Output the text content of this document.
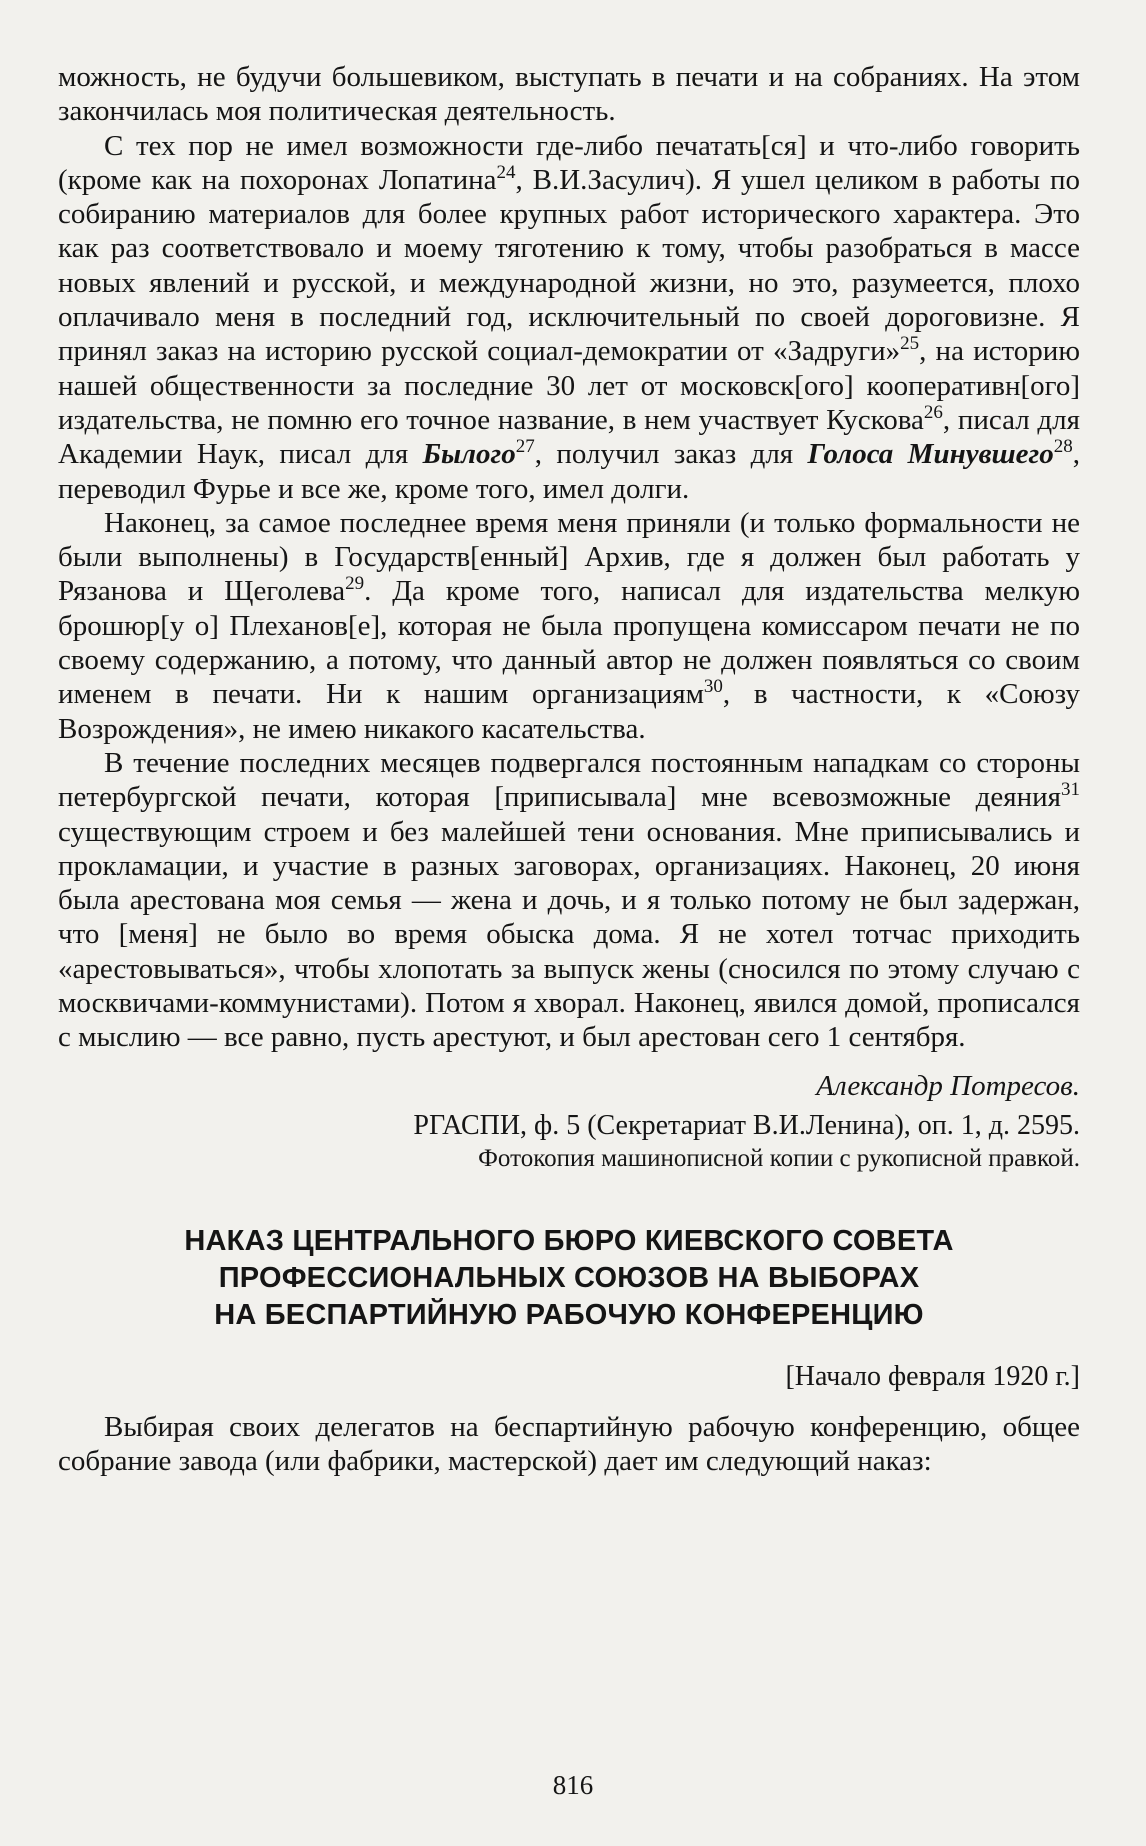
можность, не будучи большевиком, выступать в печати и на собраниях. На этом закончилась моя политическая деятельность.

С тех пор не имел возможности где-либо печатать[ся] и что-либо говорить (кроме как на похоронах Лопатина$^{24}$, В.И.Засулич). Я ушел целиком в работы по собиранию материалов для более крупных работ исторического характера. Это как раз соответствовало и моему тяготению к тому, чтобы разобраться в массе новых явлений и русской, и международной жизни, но это, разумеется, плохо оплачивало меня в последний год, исключительный по своей дороговизне. Я принял заказ на историю русской социал-демократии от «Задруги»$^{25}$, на историю нашей общественности за последние 30 лет от московск[ого] кооперативн[ого] издательства, не помню его точное название, в нем участвует Кускова$^{26}$, писал для Академии Наук, писал для Былого$^{27}$, получил заказ для Голоса Минувшего$^{28}$, переводил Фурье и все же, кроме того, имел долги.

Наконец, за самое последнее время меня приняли (и только формальности не были выполнены) в Государств[енный] Архив, где я должен был работать у Рязанова и Щеголева$^{29}$. Да кроме того, написал для издательства мелкую брошюр[у о] Плеханов[е], которая не была пропущена комиссаром печати не по своему содержанию, а потому, что данный автор не должен появляться со своим именем в печати. Ни к нашим организациям$^{30}$, в частности, к «Союзу Возрождения», не имею никакого касательства.

В течение последних месяцев подвергался постоянным нападкам со стороны петербургской печати, которая [приписывала] мне всевозможные деяния$^{31}$ существующим строем и без малейшей тени основания. Мне приписывались и прокламации, и участие в разных заговорах, организациях. Наконец, 20 июня была арестована моя семья — жена и дочь, и я только потому не был задержан, что [меня] не было во время обыска дома. Я не хотел тотчас приходить «арестовываться», чтобы хлопотать за выпуск жены (сносился по этому случаю с москвичами-коммунистами). Потом я хворал. Наконец, явился домой, прописался с мыслию — все равно, пусть арестуют, и был арестован сего 1 сентября.

Александр Потресов.

РГАСПИ, ф. 5 (Секретариат В.И.Ленина), оп. 1, д. 2595.

Фотокопия машинописной копии с рукописной правкой.

НАКАЗ ЦЕНТРАЛЬНОГО БЮРО КИЕВСКОГО СОВЕТА
ПРОФЕССИОНАЛЬНЫХ СОЮЗОВ НА ВЫБОРАХ
НА БЕСПАРТИЙНУЮ РАБОЧУЮ КОНФЕРЕНЦИЮ

[Начало февраля 1920 г.]

Выбирая своих делегатов на беспартийную рабочую конференцию, общее собрание завода (или фабрики, мастерской) дает им следующий наказ:

816
